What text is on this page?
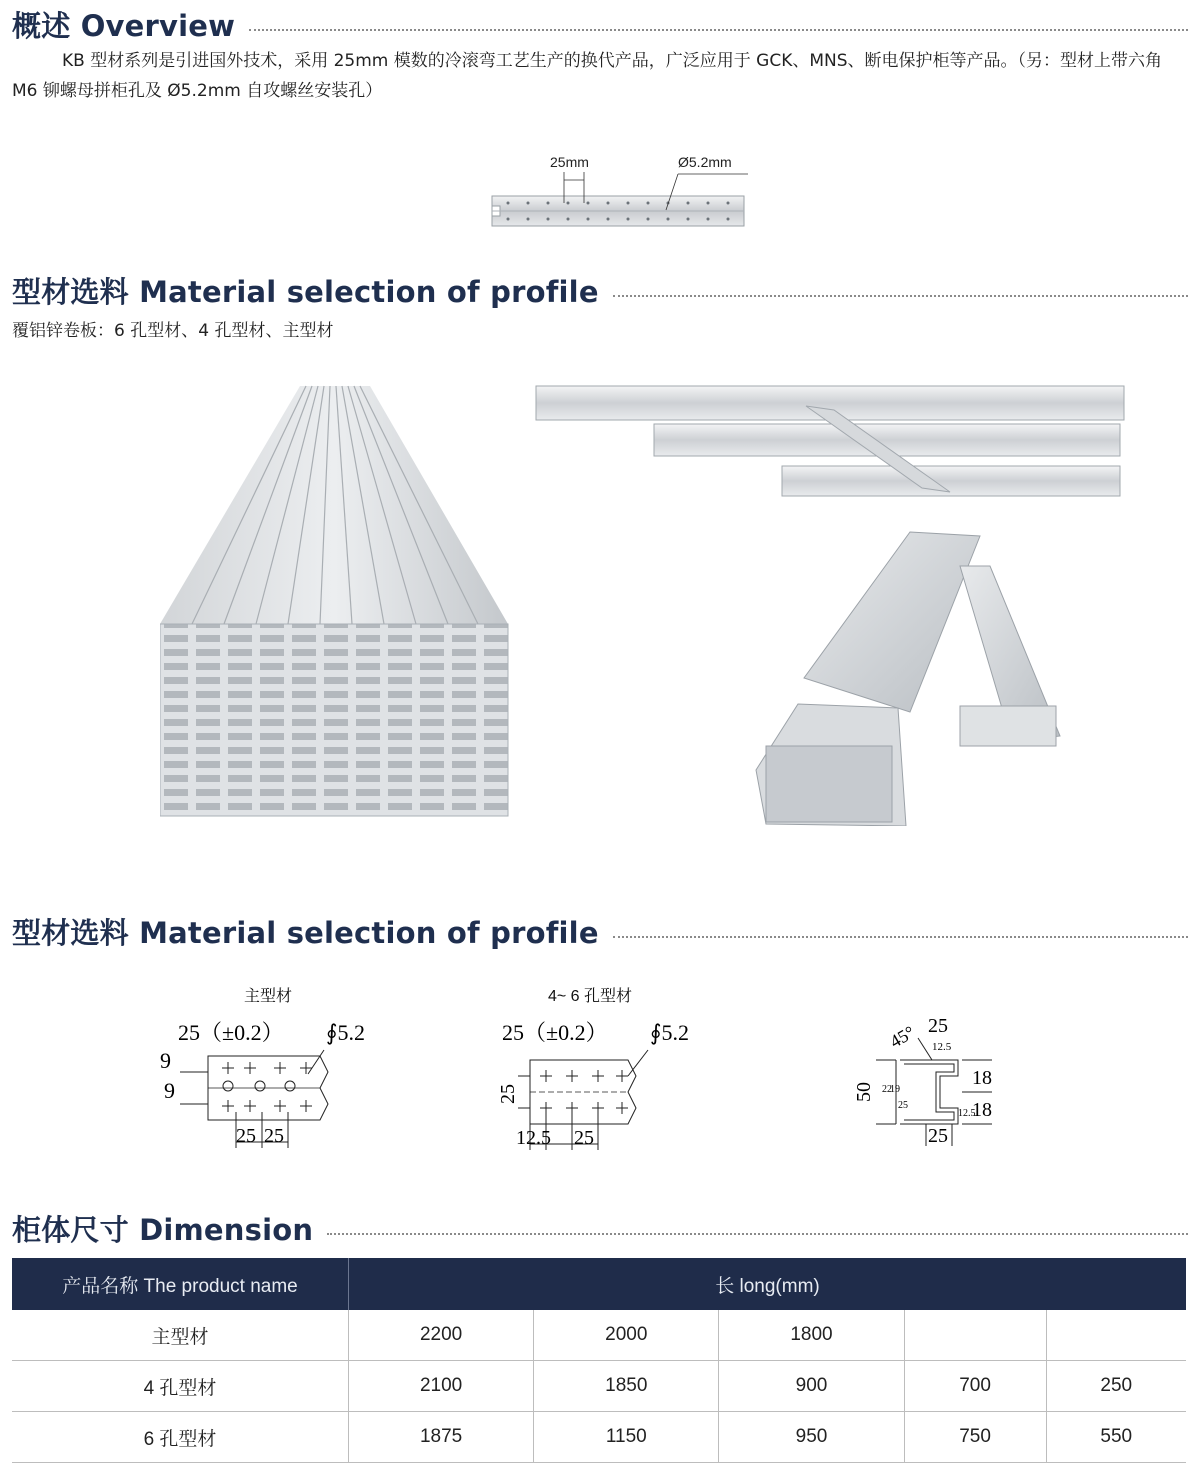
概述 Overview
KB 型材系列是引进国外技术，采用 25mm 模数的冷滚弯工艺生产的换代产品，广泛应用于 GCK、MNS、断电保护柜等产品。（另：型材上带六角 M6 铆螺母拼柜孔及 Ø5.2mm 自攻螺丝安装孔）
25mm	Ø5.2mm
型材选料 Material selection of profile
覆铝锌卷板：6 孔型材、4 孔型材、主型材
型材选料 Material selection of profile
主型材
25（±0.2） ∮5.2
9
9
25 25
4~ 6 孔型材
25（±0.2） ∮5.2
25
12.5 25
45° 25
12.5
50 22
19
25
12.5
18
18
25
柜体尺寸 Dimension
产品名称 The product name	长 long(mm)				
主型材	2200	2000	1800		
4 孔型材	2100	1850	900	700	250
6 孔型材	1875	1150	950	750	550
